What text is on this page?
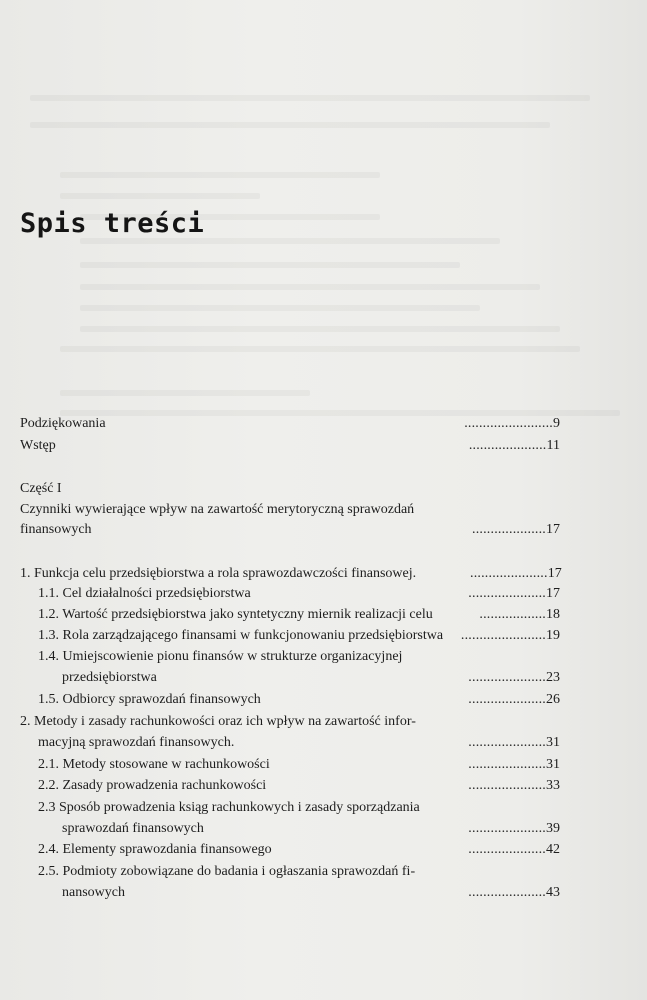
Spis treści
Podziękowania	........................9
Wstęp	.....................11
Część I
Czynniki wywierające wpływ na zawartość merytoryczną sprawozdań
finansowych	....................17
1. Funkcja celu przedsiębiorstwa a rola sprawozdawczości finansowej.	.....................17
1.1. Cel działalności przedsiębiorstwa	.....................17
1.2. Wartość przedsiębiorstwa jako syntetyczny miernik realizacji celu	..................18
1.3. Rola zarządzającego finansami w funkcjonowaniu przedsiębiorstwa .......................19
1.4. Umiejscowienie pionu finansów w strukturze organizacyjnej
przedsiębiorstwa	.....................23
1.5. Odbiorcy sprawozdań finansowych	.....................26
2. Metody i zasady rachunkowości oraz ich wpływ na zawartość infor-
macyjną sprawozdań finansowych.	.....................31
2.1. Metody stosowane w rachunkowości	.....................31
2.2. Zasady prowadzenia rachunkowości	.....................33
2.3 Sposób prowadzenia ksiąg rachunkowych i zasady sporządzania
sprawozdań finansowych	.....................39
2.4. Elementy sprawozdania finansowego	.....................42
2.5. Podmioty zobowiązane do badania i ogłaszania sprawozdań fi-
nansowych	.....................43
